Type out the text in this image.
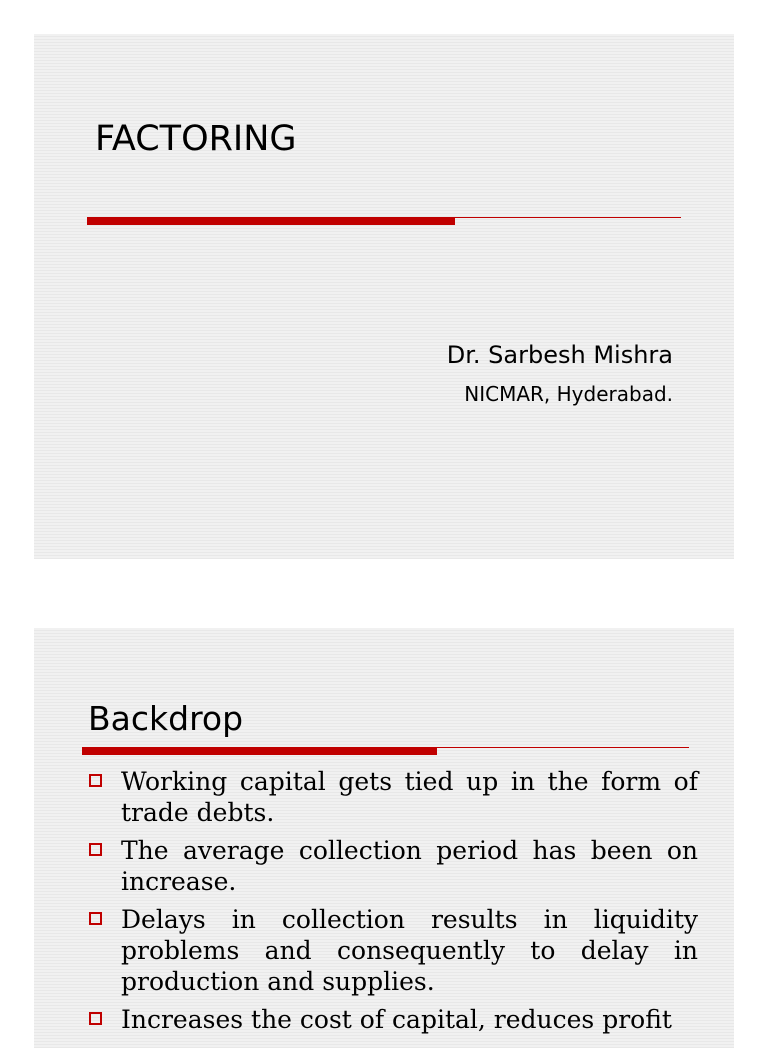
FACTORING
Dr. Sarbesh Mishra
NICMAR, Hyderabad.
Backdrop
Working capital gets tied up in the form of trade debts.
The average collection period has been on increase.
Delays in collection results in liquidity problems and consequently to delay in production and supplies.
Increases the cost of capital, reduces profit
